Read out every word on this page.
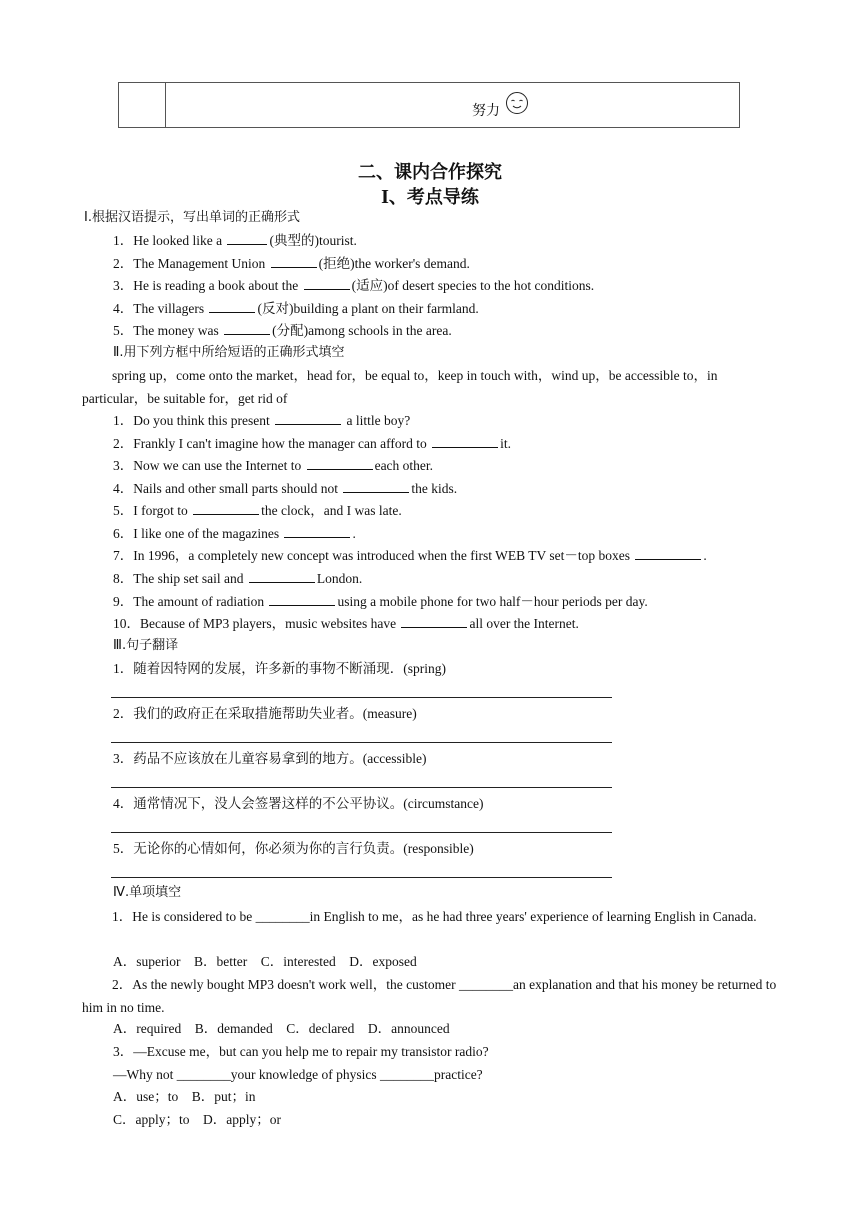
努力
二、课内合作探究
I、考点导练
Ⅰ.根据汉语提示，写出单词的正确形式
1．He looked like a	(典型的)tourist.
2．The Management Union	(拒绝)the worker's demand.
3．He is reading a book about the	(适应)of desert species to the hot conditions.
4．The villagers	(反对)building a plant on their farmland.
5．The money was	(分配)among schools in the area.
Ⅱ.用下列方框中所给短语的正确形式填空
spring up，come onto the market，head for，be equal to，keep in touch with，wind up，be accessible to，in particular，be suitable for，get rid of
1．Do you think this present	a little boy?
2．Frankly I can't imagine how the manager can afford to	it.
3．Now we can use the Internet to	each other.
4．Nails and other small parts should not	the kids.
5．I forgot to	the clock，and I was late.
6．I like one of the magazines	.
7．In 1996，a completely new concept was introduced when the first WEB TV set－top boxes	.
8．The ship set sail and	London.
9．The amount of radiation	using a mobile phone for two half－hour periods per day.
10．Because of MP3 players，music websites have	all over the Internet.
Ⅲ.句子翻译
1．随着因特网的发展，许多新的事物不断涌现．(spring)
2．我们的政府正在采取措施帮助失业者。(measure)
3．药品不应该放在儿童容易拿到的地方。(accessible)
4．通常情况下，没人会签署这样的不公平协议。(circumstance)
5．无论你的心情如何，你必须为你的言行负责。(responsible)
Ⅳ.单项填空
1．He is considered to be ________in English to me，as he had three years' experience of learning English in Canada.
A．superior　B．better　C．interested　D．exposed
2．As the newly bought MP3 doesn't work well，the customer ________an explanation and that his money be returned to him in no time.
A．required　B．demanded　C．declared　D．announced
3．—Excuse me，but can you help me to repair my transistor radio?
—Why not ________your knowledge of physics ________practice?
A．use；to　B．put；in
C．apply；to　D．apply；or
